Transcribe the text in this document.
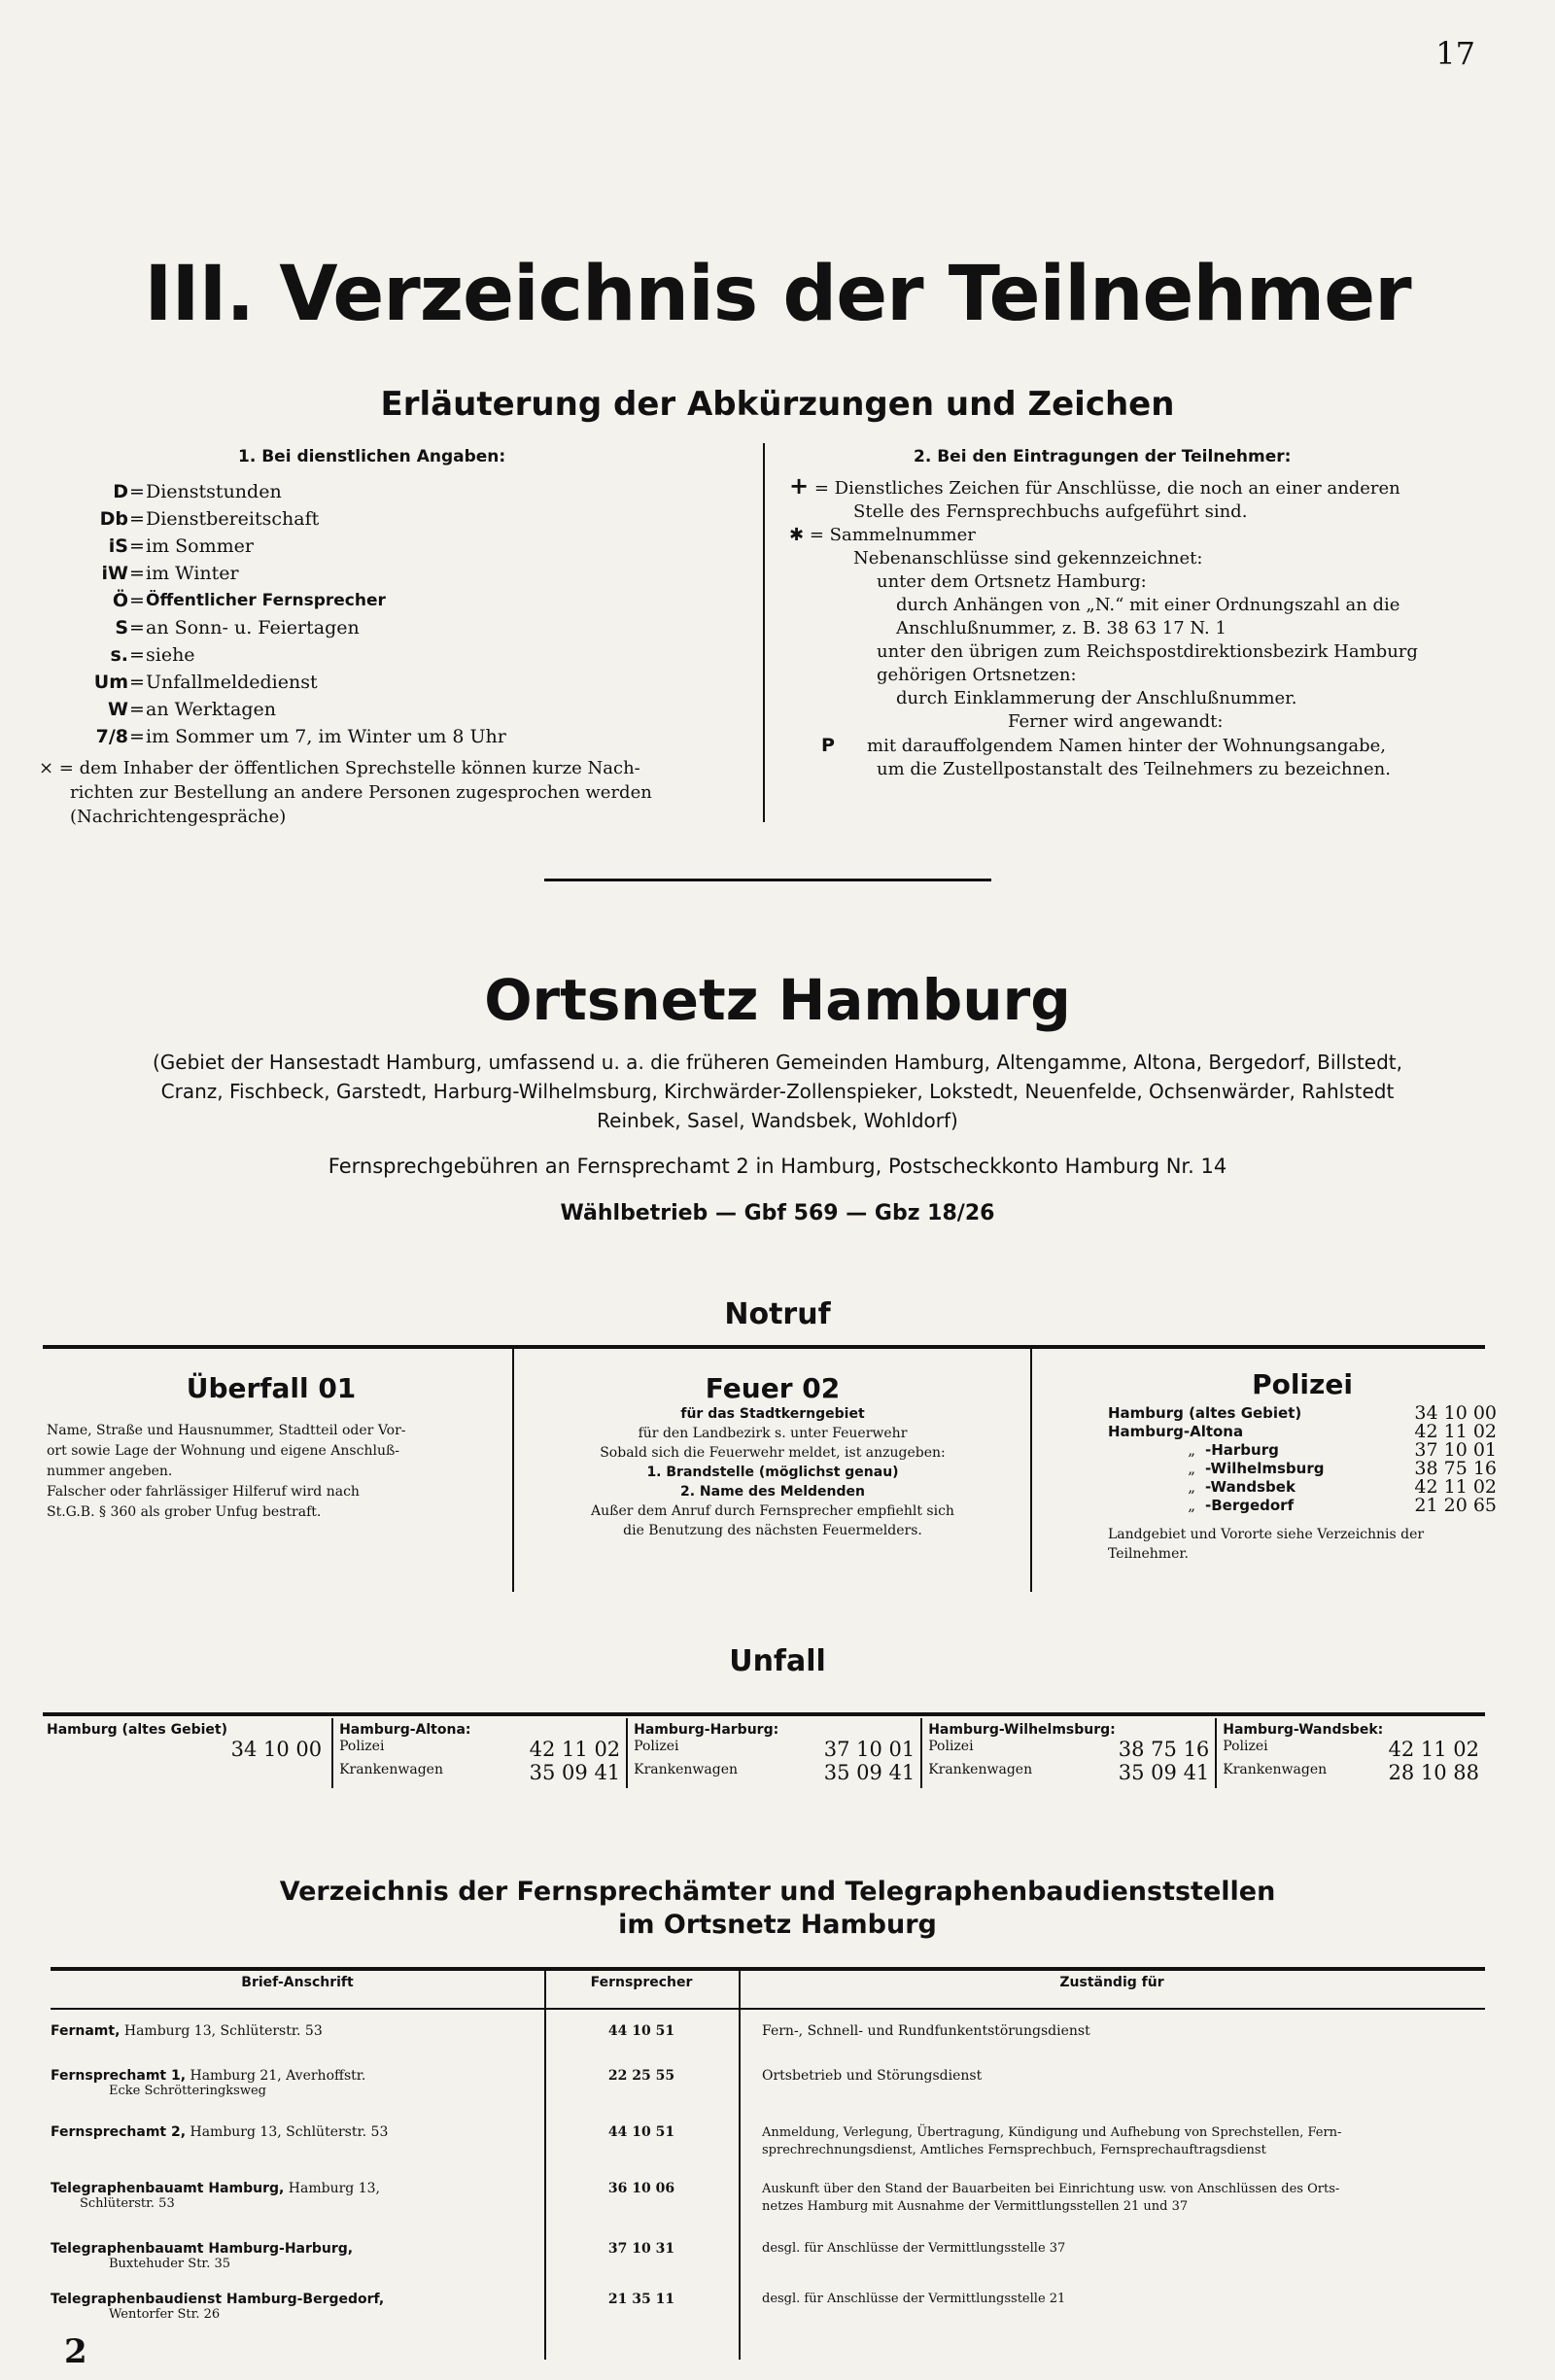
17
III. Verzeichnis der Teilnehmer
Erläuterung der Abkürzungen und Zeichen
1. Bei dienstlichen Angaben:
D = Dienststunden
Db = Dienstbereitschaft
iS = im Sommer
iW = im Winter
Ö = Öffentlicher Fernsprecher
S = an Sonn- u. Feiertagen
s. = siehe
Um = Unfallmeldedienst
W = an Werktagen
7/8 = im Sommer um 7, im Winter um 8 Uhr
× = dem Inhaber der öffentlichen Sprechstelle können kurze Nach-
richten zur Bestellung an andere Personen zugesprochen werden
(Nachrichtengespräche)
2. Bei den Eintragungen der Teilnehmer:
+ = Dienstliches Zeichen für Anschlüsse, die noch an einer anderen
Stelle des Fernsprechbuchs aufgeführt sind.
✱ = Sammelnummer
Nebenanschlüsse sind gekennzeichnet:
unter dem Ortsnetz Hamburg:
durch Anhängen von „N.“ mit einer Ordnungszahl an die
Anschlußnummer, z. B. 38 63 17 N. 1
unter den übrigen zum Reichspostdirektionsbezirk Hamburg
gehörigen Ortsnetzen:
durch Einklammerung der Anschlußnummer.
Ferner wird angewandt:
P mit darauffolgendem Namen hinter der Wohnungsangabe,
um die Zustellpostanstalt des Teilnehmers zu bezeichnen.
Ortsnetz Hamburg
(Gebiet der Hansestadt Hamburg, umfassend u. a. die früheren Gemeinden Hamburg, Altengamme, Altona, Bergedorf, Billstedt,
Cranz, Fischbeck, Garstedt, Harburg-Wilhelmsburg, Kirchwärder-Zollenspieker, Lokstedt, Neuenfelde, Ochsenwärder, Rahlstedt
Reinbek, Sasel, Wandsbek, Wohldorf)
Fernsprechgebühren an Fernsprechamt 2 in Hamburg, Postscheckkonto Hamburg Nr. 14
Wählbetrieb — Gbf 569 — Gbz 18/26
Notruf
Überfall 01
Name, Straße und Hausnummer, Stadtteil oder Vor-
ort sowie Lage der Wohnung und eigene Anschluß-
nummer angeben.
Falscher oder fahrlässiger Hilferuf wird nach
St.G.B. § 360 als grober Unfug bestraft.
Feuer 02
für das Stadtkerngebiet
für den Landbezirk s. unter Feuerwehr
Sobald sich die Feuerwehr meldet, ist anzugeben:
1. Brandstelle (möglichst genau)
2. Name des Meldenden
Außer dem Anruf durch Fernsprecher empfiehlt sich
die Benutzung des nächsten Feuermelders.
Polizei
Hamburg (altes Gebiet)	34 10 00
Hamburg-Altona	42 11 02
„ -Harburg	37 10 01
„ -Wilhelmsburg	38 75 16
„ -Wandsbek	42 11 02
„ -Bergedorf	21 20 65
Landgebiet und Vororte siehe Verzeichnis der
Teilnehmer.
Unfall
Hamburg (altes Gebiet)
34 10 00
Hamburg-Altona:
Polizei	42 11 02
Krankenwagen	35 09 41
Hamburg-Harburg:
Polizei	37 10 01
Krankenwagen	35 09 41
Hamburg-Wilhelmsburg:
Polizei	38 75 16
Krankenwagen	35 09 41
Hamburg-Wandsbek:
Polizei	42 11 02
Krankenwagen	28 10 88
Verzeichnis der Fernsprechämter und Telegraphenbaudienststellen
im Ortsnetz Hamburg
Brief-Anschrift	Fernsprecher	Zuständig für
Fernamt, Hamburg 13, Schlüterstr. 53	44 10 51	Fern-, Schnell- und Rundfunkentstörungsdienst
Fernsprechamt 1, Hamburg 21, Averhoffstr.
Ecke Schrötteringksweg
22 25 55	Ortsbetrieb und Störungsdienst
Fernsprechamt 2, Hamburg 13, Schlüterstr. 53	44 10 51	Anmeldung, Verlegung, Übertragung, Kündigung und Aufhebung von Sprechstellen, Fern-
sprechrechnungsdienst, Amtliches Fernsprechbuch, Fernsprechauftragsdienst
Telegraphenbauamt Hamburg, Hamburg 13,
Schlüterstr. 53
36 10 06	Auskunft über den Stand der Bauarbeiten bei Einrichtung usw. von Anschlüssen des Orts-
netzes Hamburg mit Ausnahme der Vermittlungsstellen 21 und 37
Telegraphenbauamt Hamburg-Harburg,
Buxtehuder Str. 35
37 10 31	desgl. für Anschlüsse der Vermittlungsstelle 37
Telegraphenbaudienst Hamburg-Bergedorf,
Wentorfer Str. 26
21 35 11	desgl. für Anschlüsse der Vermittlungsstelle 21
2
